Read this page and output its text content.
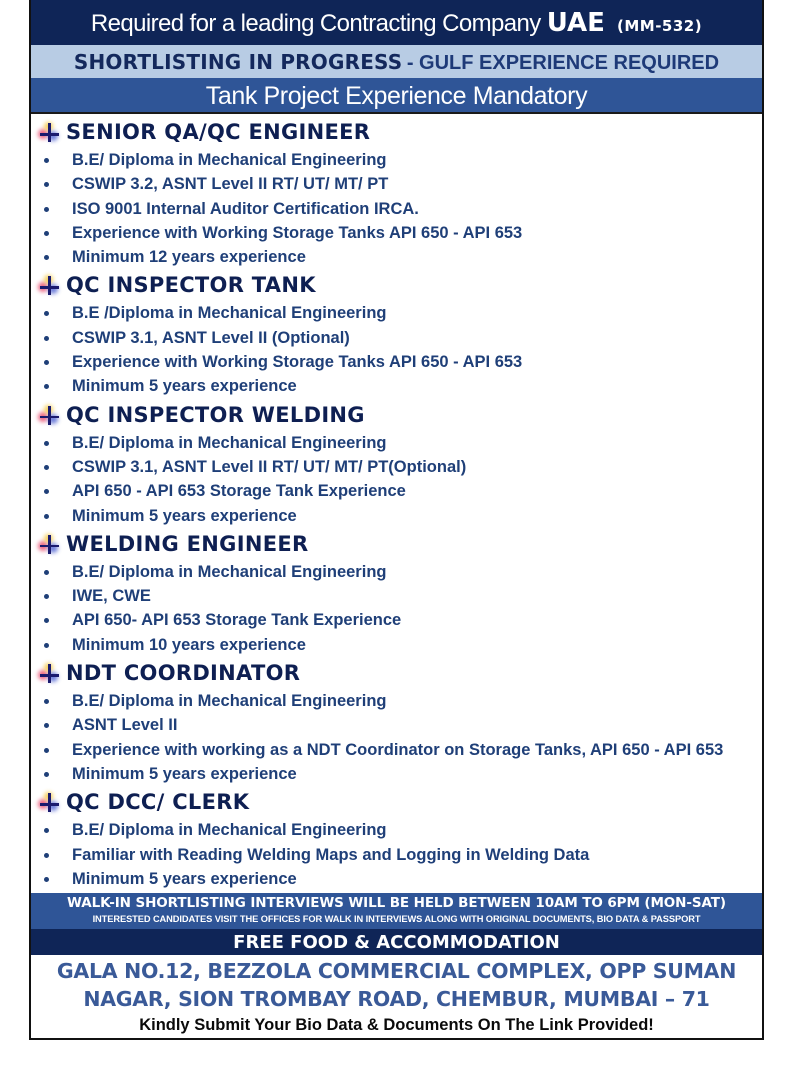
Required for a leading Contracting Company UAE (MM-532)
SHORTLISTING IN PROGRESS - GULF EXPERIENCE REQUIRED
Tank Project Experience Mandatory
SENIOR QA/QC ENGINEER
B.E/ Diploma in Mechanical Engineering
CSWIP 3.2, ASNT Level II RT/ UT/ MT/ PT
ISO 9001 Internal Auditor Certification IRCA.
Experience with Working Storage Tanks API 650 - API 653
Minimum 12 years experience
QC INSPECTOR TANK
B.E /Diploma in Mechanical Engineering
CSWIP 3.1, ASNT Level II (Optional)
Experience with Working Storage Tanks API 650 - API 653
Minimum 5 years experience
QC INSPECTOR WELDING
B.E/ Diploma in Mechanical Engineering
CSWIP 3.1, ASNT Level II RT/ UT/ MT/ PT(Optional)
API 650 - API 653 Storage Tank Experience
Minimum 5 years experience
WELDING ENGINEER
B.E/ Diploma in Mechanical Engineering
IWE, CWE
API 650- API 653 Storage Tank Experience
Minimum 10 years experience
NDT COORDINATOR
B.E/ Diploma in Mechanical Engineering
ASNT Level II
Experience with working as a NDT Coordinator on Storage Tanks, API 650 - API 653
Minimum 5 years experience
QC DCC/ CLERK
B.E/ Diploma in Mechanical Engineering
Familiar with Reading Welding Maps and Logging in Welding Data
Minimum 5 years experience
WALK-IN SHORTLISTING INTERVIEWS WILL BE HELD BETWEEN 10AM TO 6PM (MON-SAT)
INTERESTED CANDIDATES VISIT THE OFFICES FOR WALK IN INTERVIEWS ALONG WITH ORIGINAL DOCUMENTS, BIO DATA & PASSPORT
FREE FOOD & ACCOMMODATION
GALA NO.12, BEZZOLA COMMERCIAL COMPLEX, OPP SUMAN
NAGAR, SION TROMBAY ROAD, CHEMBUR, MUMBAI – 71
Kindly Submit Your Bio Data & Documents On The Link Provided!
